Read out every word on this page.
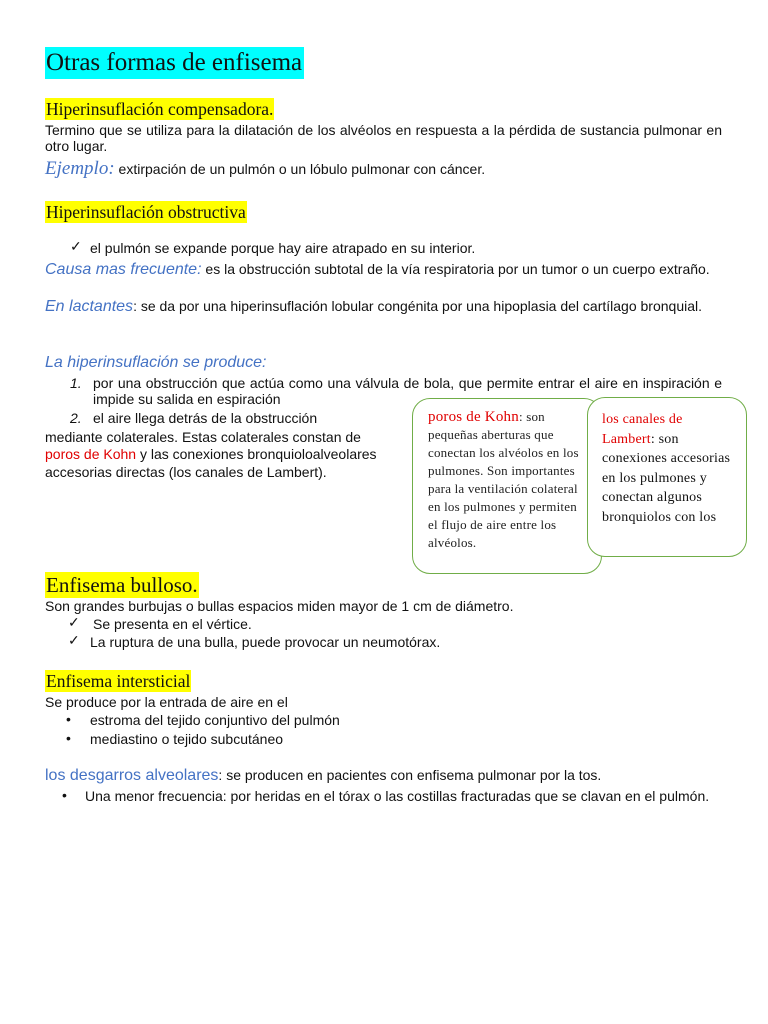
Otras formas de enfisema
Hiperinsuflación compensadora.
Termino que se utiliza para la dilatación de los alvéolos en respuesta a la pérdida de sustancia pulmonar en otro lugar.
Ejemplo: extirpación de un pulmón o un lóbulo pulmonar con cáncer.
Hiperinsuflación obstructiva
✓ el pulmón se expande porque hay aire atrapado en su interior.
Causa mas frecuente: es la obstrucción subtotal de la vía respiratoria por un tumor o un cuerpo extraño.
En lactantes: se da por una hiperinsuflación lobular congénita por una hipoplasia del cartílago bronquial.
La hiperinsuflación se produce:
1. por una obstrucción que actúa como una válvula de bola, que permite entrar el aire en inspiración e impide su salida en espiración
2. el aire llega detrás de la obstrucción
mediante colaterales. Estas colaterales constan de
poros de Kohn y las conexiones bronquioloalveolares
accesorias directas (los canales de Lambert).
poros de Kohn: son pequeñas aberturas que conectan los alvéolos en los pulmones. Son importantes para la ventilación colateral en los pulmones y permiten el flujo de aire entre los alvéolos.
los canales de Lambert: son conexiones accesorias en los pulmones y conectan algunos bronquiolos con los
Enfisema bulloso.
Son grandes burbujas o bullas espacios miden mayor de 1 cm de diámetro.
✓ Se presenta en el vértice.
✓ La ruptura de una bulla, puede provocar un neumotórax.
Enfisema intersticial
Se produce por la entrada de aire en el
• estroma del tejido conjuntivo del pulmón
• mediastino o tejido subcutáneo
los desgarros alveolares: se producen en pacientes con enfisema pulmonar por la tos.
• Una menor frecuencia: por heridas en el tórax o las costillas fracturadas que se clavan en el pulmón.
